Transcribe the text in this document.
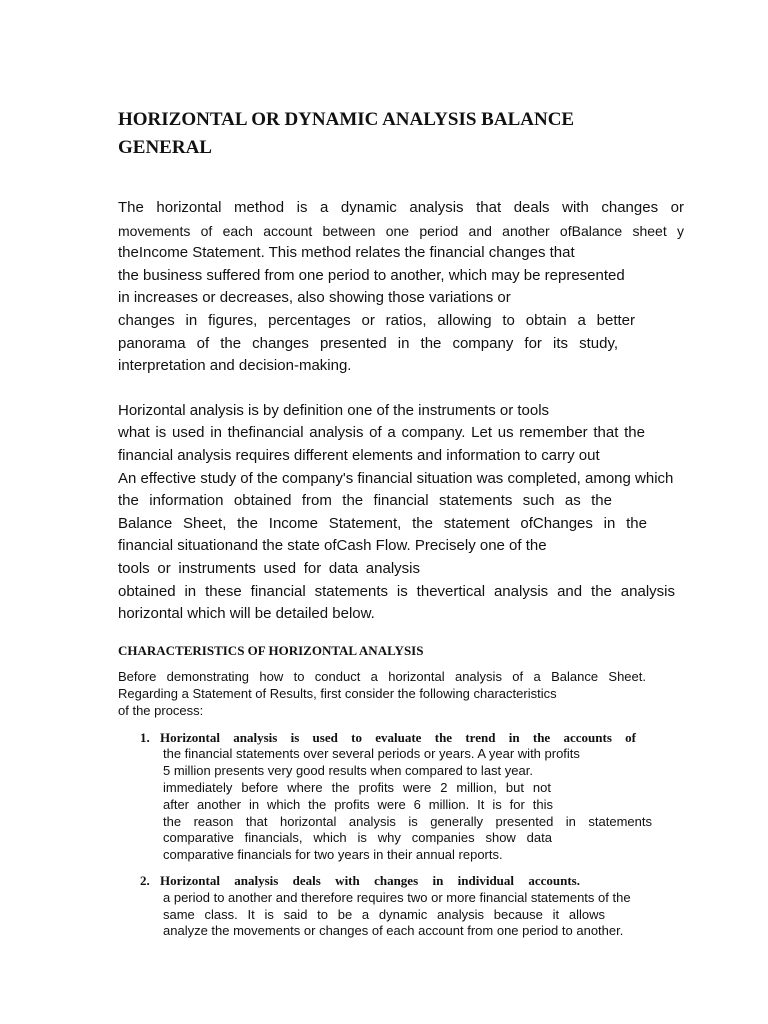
HORIZONTAL OR DYNAMIC ANALYSIS BALANCE
GENERAL
The horizontal method is a dynamic analysis that deals with changes or
movements of each account between one period and another ofBalance sheet y
theIncome Statement. This method relates the financial changes that
the business suffered from one period to another, which may be represented
in increases or decreases, also showing those variations or
changes in figures, percentages or ratios, allowing to obtain a better
panorama of the changes presented in the company for its study,
interpretation and decision-making.
Horizontal analysis is by definition one of the instruments or tools
what is used in thefinancial analysis of a company. Let us remember that the
financial analysis requires different elements and information to carry out
An effective study of the company's financial situation was completed, among which
the information obtained from the financial statements such as the
Balance Sheet, the Income Statement, the statement ofChanges in the
financial situationand the state ofCash Flow. Precisely one of the
tools or instruments used for data analysis
obtained in these financial statements is thevertical analysis and the analysis
horizontal which will be detailed below.
CHARACTERISTICS OF HORIZONTAL ANALYSIS
Before demonstrating how to conduct a horizontal analysis of a Balance Sheet.
Regarding a Statement of Results, first consider the following characteristics
of the process:
1. Horizontal analysis is used to evaluate the trend in the accounts of
the financial statements over several periods or years. A year with profits
5 million presents very good results when compared to last year.
immediately before where the profits were 2 million, but not
after another in which the profits were 6 million. It is for this
the reason that horizontal analysis is generally presented in statements
comparative financials, which is why companies show data
comparative financials for two years in their annual reports.
2. Horizontal analysis deals with changes in individual accounts.
a period to another and therefore requires two or more financial statements of the
same class. It is said to be a dynamic analysis because it allows
analyze the movements or changes of each account from one period to another.
